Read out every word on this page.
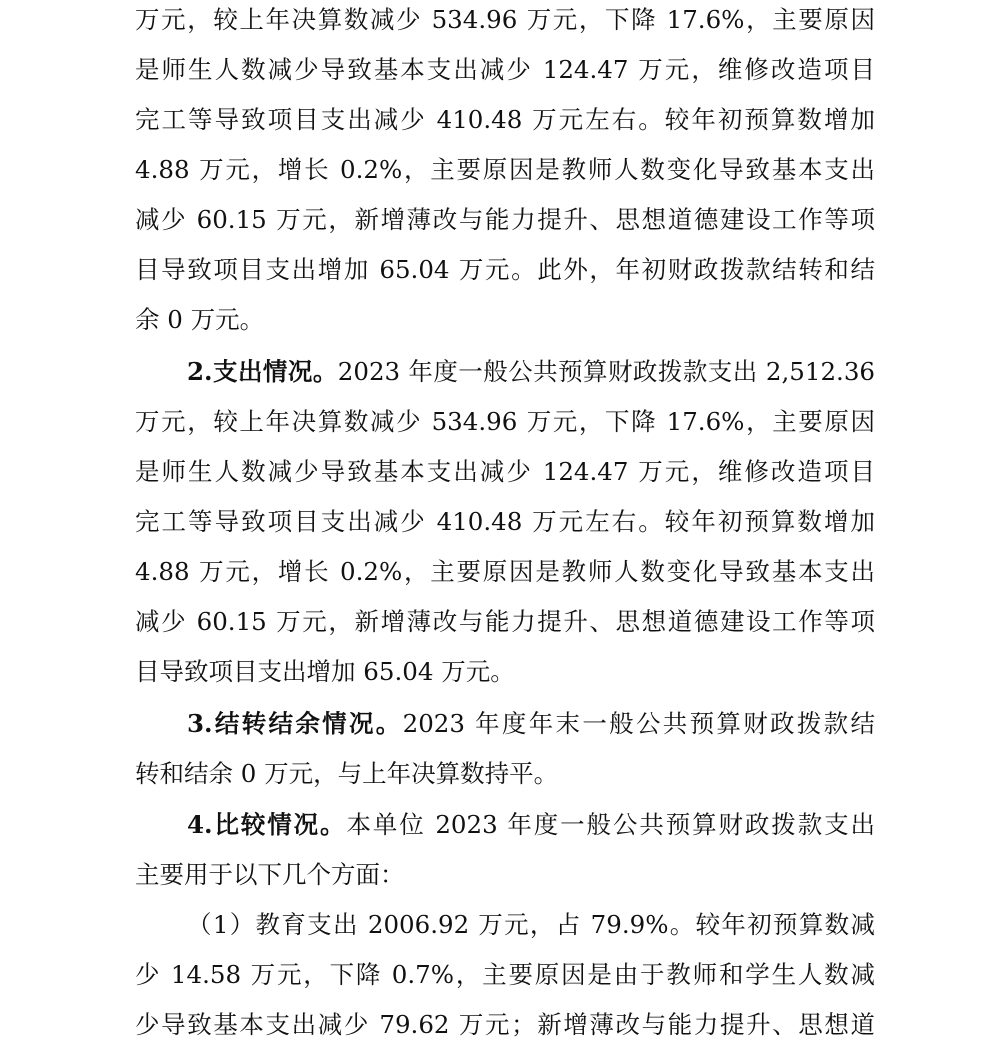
万元，较上年决算数减少 534.96 万元，下降 17.6%，主要原因
是师生人数减少导致基本支出减少 124.47 万元，维修改造项目
完工等导致项目支出减少 410.48 万元左右。较年初预算数增加
4.88 万元，增长 0.2%，主要原因是教师人数变化导致基本支出
减少 60.15 万元，新增薄改与能力提升、思想道德建设工作等项
目导致项目支出增加 65.04 万元。此外，年初财政拨款结转和结
余 0 万元。
2.支出情况。2023 年度一般公共预算财政拨款支出 2,512.36
万元，较上年决算数减少 534.96 万元，下降 17.6%，主要原因
是师生人数减少导致基本支出减少 124.47 万元，维修改造项目
完工等导致项目支出减少 410.48 万元左右。较年初预算数增加
4.88 万元，增长 0.2%，主要原因是教师人数变化导致基本支出
减少 60.15 万元，新增薄改与能力提升、思想道德建设工作等项
目导致项目支出增加 65.04 万元。
3.结转结余情况。2023 年度年末一般公共预算财政拨款结
转和结余 0 万元，与上年决算数持平。
4.比较情况。本单位 2023 年度一般公共预算财政拨款支出
主要用于以下几个方面：
（1）教育支出 2006.92 万元，占 79.9%。较年初预算数减
少 14.58 万元，下降 0.7%，主要原因是由于教师和学生人数减
少导致基本支出减少 79.62 万元；新增薄改与能力提升、思想道
